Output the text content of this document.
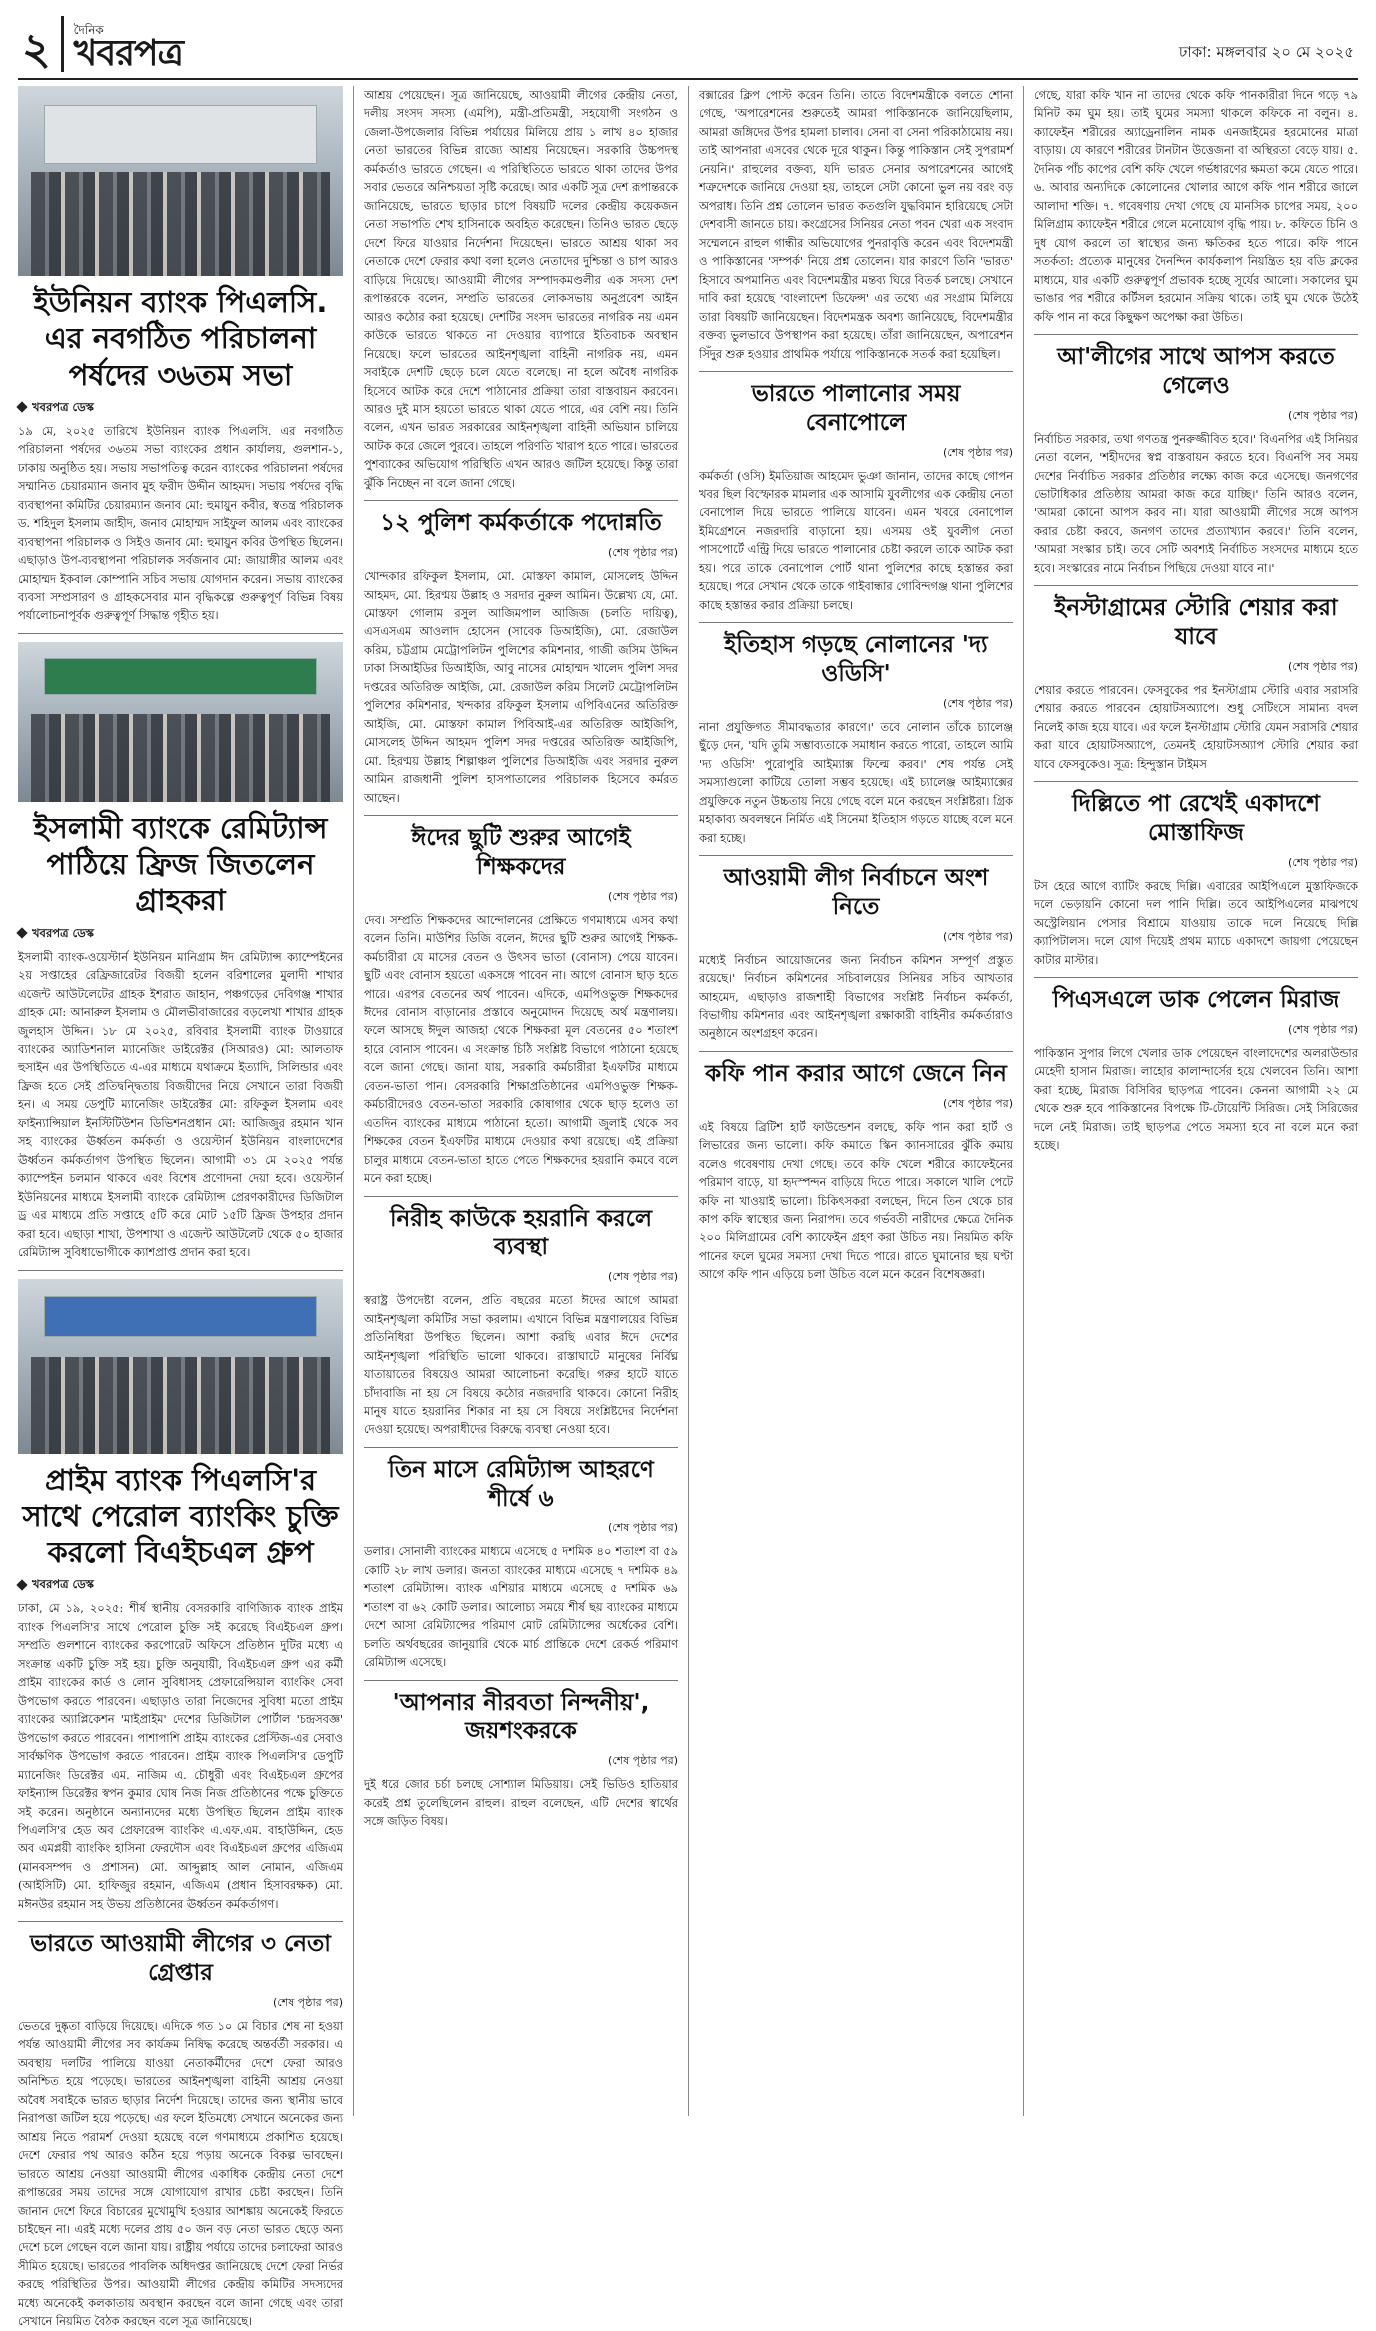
২ দৈনিক
খবরপত্র	ঢাকা: মঙ্গলবার ২০ মে ২০২৫
ইউনিয়ন ব্যাংক পিএলসি. এর নবগঠিত পরিচালনা পর্ষদের ৩৬তম সভা
খবরপত্র ডেস্ক

১৯ মে, ২০২৫ তারিখে ইউনিয়ন ব্যাংক পিএলসি. এর নবগঠিত পরিচালনা পর্ষদের ৩৬তম সভা ব্যাংকের প্রধান কার্যালয়, গুলশান-১, ঢাকায় অনুষ্ঠিত হয়। সভায় সভাপতিত্ব করেন ব্যাংকের পরিচালনা পর্ষদের সম্মানিত চেয়ারম্যান জনাব মুহ ফরীদ উদ্দীন আহমদ। সভায় পর্ষদের বৃদ্ধি ব্যবস্থাপনা কমিটির চেয়ারম্যান জনাব মো: হুমায়ুন কবীর, স্বতন্ত্র পরিচালক ড. শহিদুল ইসলাম জাহীদ, জনাব মোহাম্মদ সাইফুল আলম এবং ব্যাংকের ব্যবস্থাপনা পরিচালক ও সিইও জনাব মো: হুমায়ুন কবির উপস্থিত ছিলেন। এছাড়াও উপ-ব্যবস্থাপনা পরিচালক সর্বজনাব মো: জায়াঙ্গীর আলম এবং মোহাম্মদ ইকবাল কোম্পানি সচিব সভায় যোগদান করেন। সভায় ব্যাংকের ব্যবসা সম্প্রসারণ ও গ্রাহকসেবার মান বৃদ্ধিকল্পে গুরুত্বপূর্ণ বিভিন্ন বিষয় পর্যালোচনাপূর্বক গুরুত্বপূর্ণ সিদ্ধান্ত গৃহীত হয়।

ইসলামী ব্যাংকে রেমিট্যান্স পাঠিয়ে ফ্রিজ জিতলেন গ্রাহকরা
খবরপত্র ডেস্ক

ইসলামী ব্যাংক-ওয়েস্টার্ন ইউনিয়ন মানিগ্রাম ঈদ রেমিট্যান্স ক্যাম্পেইনের ২য় সপ্তাহের রেফ্রিজারেটর বিজয়ী হলেন বরিশালের মুলাদী শাখার এজেন্ট আউটলেটের গ্রাহক ইশরাত জাহান, পঞ্চগড়ের দেবিগঞ্জ শাখার গ্রাহক মো: আনারুল ইসলাম ও মৌলভীবাজারের বড়লেখা শাখার গ্রাহক জুলহাস উদ্দিন। ১৮ মে ২০২৫, রবিবার ইসলামী ব্যাংক টাওয়ারে ব্যাংকের অ্যাডিশনাল ম্যানেজিং ডাইরেক্টর (সিআরও) মো: আলতাফ হুসাইন এর উপস্থিতিতে এ-এর মাধ্যমে যথাক্রমে ইত্যাদি, সিলিন্ডার এবং ফ্রিজ হতে সেই প্রতিদ্বন্দ্বিতায় বিজয়ীদের নিয়ে সেখানে তারা বিজয়ী হন। এ সময় ডেপুটি ম্যানেজিং ডাইরেক্টর মো: রফিকুল ইসলাম এবং ফাইন্যান্সিয়াল ইনস্টিটিউশন ডিভিশনপ্রধান মো: আজিজুর রহমান খান সহ ব্যাংকের ঊর্ধ্বতন কর্মকর্তা ও ওয়েস্টার্ন ইউনিয়ন বাংলাদেশের ঊর্ধ্বতন কর্মকর্তাগণ উপস্থিত ছিলেন। আগামী ৩১ মে ২০২৫ পর্যন্ত ক্যাম্পেইন চলমান থাকবে এবং বিশেষ প্রণোদনা দেয়া হবে। ওয়েস্টার্ন ইউনিয়নের মাধ্যমে ইসলামী ব্যাংকে রেমিট্যান্স প্রেরণকারীদের ডিজিটাল ড্র এর মাধ্যমে প্রতি সপ্তাহে ৫টি করে মোট ১৫টি ফ্রিজ উপহার প্রদান করা হবে। এছাড়া শাখা, উপশাখা ও এজেন্ট আউটলেট থেকে ৫০ হাজার রেমিট্যান্স সুবিধাভোগীকে ক্যাশপ্রাপ্ত প্রদান করা হবে।

প্রাইম ব্যাংক পিএলসি'র সাথে পেরোল ব্যাংকিং চুক্তি করলো বিএইচএল গ্রুপ
খবরপত্র ডেস্ক

ঢাকা, মে ১৯, ২০২৫: শীর্ষ স্থানীয় বেসরকারি বাণিজ্যিক ব্যাংক প্রাইম ব্যাংক পিএলসি'র সাথে পেরোল চুক্তি সই করেছে বিএইচএল গ্রুপ। সম্প্রতি গুলশানে ব্যাংকের করপোরেট অফিসে প্রতিষ্ঠান দুটির মধ্যে এ সংক্রান্ত একটি চুক্তি সই হয়। চুক্তি অনুযায়ী, বিএইচএল গ্রুপ এর কর্মী প্রাইম ব্যাংকের কার্ড ও লোন সুবিধাসহ প্রেফারেন্সিয়াল ব্যাংকিং সেবা উপভোগ করতে পারবেন। এছাড়াও তারা নিজেদের সুবিধা মতো প্রাইম ব্যাংকের অ্যাপ্লিকেশন 'মাইপ্রাইম' দেশের ডিজিটাল পোর্টাল 'চন্দ্রসবজ্ঞ' উপভোগ করতে পারবেন। পাশাপাশি প্রাইম ব্যাংকের প্রেস্টিজ-এর সেবাও সার্বক্ষণিক উপভোগ করতে পারবেন। প্রাইম ব্যাংক পিএলসি'র ডেপুটি ম্যানেজিং ডিরেক্টর এম. নাজিম এ. চৌধুরী এবং বিএইচএল গ্রুপের ফাইন্যান্স ডিরেক্টর স্বপন কুমার ঘোষ নিজ নিজ প্রতিষ্ঠানের পক্ষে চুক্তিতে সই করেন। অনুষ্ঠানে অন্যান্যদের মধ্যে উপস্থিত ছিলেন প্রাইম ব্যাংক পিএলসি'র হেড অব প্রেফারেন্স ব্যাংকিং এ.এফ.এম. বাহাউদ্দিন, হেড অব এমপ্লয়ী ব্যাংকিং হাসিনা ফেরদৌস এবং বিএইচএল গ্রুপের এজিএম (মানবসম্পদ ও প্রশাসন) মো. আব্দুল্লাহ আল নোমান, এজিএম (আইসিটি) মো. হাফিজুর রহমান, এজিএম (প্রধান হিসাবরক্ষক) মো. মঈনউর রহমান সহ উভয় প্রতিষ্ঠানের ঊর্ধ্বতন কর্মকর্তাগণ।

ভারতে আওয়ামী লীগের ৩ নেতা গ্রেপ্তার
(শেষ পৃষ্ঠার পর)

ভেতরে দুষ্কৃতা বাড়িয়ে দিয়েছে। এদিকে গত ১০ মে বিচার শেষ না হওয়া পর্যন্ত আওয়ামী লীগের সব কার্যক্রম নিষিদ্ধ করেছে অন্তর্বর্তী সরকার। এ অবস্থায় দলটির পালিয়ে যাওয়া নেতাকর্মীদের দেশে ফেরা আরও অনিশ্চিত হয়ে পড়েছে। ভারতের আইনশৃঙ্খলা বাহিনী আশ্রয় নেওয়া অবৈধ সবাইকে ভারত ছাড়ার নির্দেশ দিয়েছে। তাদের জন্য স্থানীয় ভাবে নিরাপত্তা জটিল হয়ে পড়েছে। এর ফলে ইতিমধ্যে সেখানে অনেকের জন্য আশ্রয় নিতে পরামর্শ দেওয়া হয়েছে বলে গণমাধ্যমে প্রকাশিত হয়েছে। দেশে ফেরার পথ আরও কঠিন হয়ে পড়ায় অনেকে বিকল্প ভাবছেন। ভারতে আশ্রয় নেওয়া আওয়ামী লীগের একাধিক কেন্দ্রীয় নেতা দেশে রূপান্তরের সময় তাদের সঙ্গে যোগাযোগ রাখার চেষ্টা করছেন। তিনি জানান দেশে ফিরে বিচারের মুখোমুখি হওয়ার আশঙ্কায় অনেকেই ফিরতে চাইছেন না। এরই মধ্যে দলের প্রায় ৫০ জন বড় নেতা ভারত ছেড়ে অন্য দেশে চলে গেছেন বলে জানা যায়। রাষ্ট্রীয় পর্যায়ে তাদের চলাফেরা আরও সীমিত হয়েছে। ভারতের পাবলিক অধিদপ্তর জানিয়েছে দেশে ফেরা নির্ভর করছে পরিস্থিতির উপর। আওয়ামী লীগের কেন্দ্রীয় কমিটির সদস্যদের মধ্যে অনেকেই কলকাতায় অবস্থান করছেন বলে জানা গেছে এবং তারা সেখানে নিয়মিত বৈঠক করছেন বলে সূত্র জানিয়েছে।

আশ্রয় পেয়েছেন। সূত্র জানিয়েছে, আওয়ামী লীগের কেন্দ্রীয় নেতা, দলীয় সংসদ সদস্য (এমপি), মন্ত্রী-প্রতিমন্ত্রী, সহযোগী সংগঠন ও জেলা-উপজেলার বিভিন্ন পর্যায়ের মিলিয়ে প্রায় ১ লাখ ৪০ হাজার নেতা ভারতের বিভিন্ন রাজ্যে আশ্রয় নিয়েছেন। সরকারি উচ্চপদস্থ কর্মকর্তাও ভারতে গেছেন। এ পরিস্থিতিতে ভারতে থাকা তাদের উপর সবার ভেতরে অনিশ্চয়তা সৃষ্টি করেছে। আর একটি সূত্র দেশ রূপান্তরকে জানিয়েছে, ভারতে ছাড়ার চাপে বিষয়টি দলের কেন্দ্রীয় কয়েকজন নেতা সভাপতি শেখ হাসিনাকে অবহিত করেছেন। তিনিও ভারত ছেড়ে দেশে ফিরে যাওয়ার নির্দেশনা দিয়েছেন। ভারতে আশ্রয় থাকা সব নেতাকে দেশে ফেরার কথা বলা হলেও নেতাদের দুশ্চিন্তা ও চাপ আরও বাড়িয়ে দিয়েছে। আওয়ামী লীগের সম্পাদকমণ্ডলীর এক সদস্য দেশ রূপান্তরকে বলেন, সম্প্রতি ভারতের লোকসভায় অনুপ্রবেশ আইন আরও কঠোর করা হয়েছে। দেশটির সংসদ ভারতের নাগরিক নয় এমন কাউকে ভারতে থাকতে না দেওয়ার ব্যাপারে ইতিবাচক অবস্থান নিয়েছে। ফলে ভারতের আইনশৃঙ্খলা বাহিনী নাগরিক নয়, এমন সবাইকে দেশটি ছেড়ে চলে যেতে বলেছে। না হলে অবৈধ নাগরিক হিসেবে আটক করে দেশে পাঠানোর প্রক্রিয়া তারা বাস্তবায়ন করবেন। আরও দুই মাস হয়তো ভারতে থাকা যেতে পারে, এর বেশি নয়। তিনি বলেন, এখন ভারত সরকারের আইনশৃঙ্খলা বাহিনী অভিযান চালিয়ে আটক করে জেলে পুরবে। তাহলে পরিণতি খারাপ হতে পারে। ভারতের পুশব্যাকের অভিযোগ পরিস্থিতি এখন আরও জটিল হয়েছে। কিন্তু তারা ঝুঁকি নিচ্ছেন না বলে জানা গেছে।

১২ পুলিশ কর্মকর্তাকে পদোন্নতি
(শেষ পৃষ্ঠার পর)

খোন্দকার রফিকুল ইসলাম, মো. মোস্তফা কামাল, মোসলেহ উদ্দিন আহমদ, মো. হিরণ্ময় উল্লাহ ও সরদার নুরুল আমিন। উল্লেখ্য যে, মো. মোস্তফা গোলাম রসুল আজিমপাল আজিজ (চলতি দায়িত্ব), এসএসএম আওলাদ হোসেন (সাবেক ডিআইজি), মো. রেজাউল করিম, চট্টগ্রাম মেট্রোপলিটন পুলিশের কমিশনার, গাজী জসিম উদ্দিন ঢাকা সিআইডির ডিআইজি, আবু নাসের মোহাম্মদ খালেদ পুলিশ সদর দপ্তরের অতিরিক্ত আইজি, মো. রেজাউল করিম সিলেট মেট্রোপলিটন পুলিশের কমিশনার, খন্দকার রফিকুল ইসলাম এপিবিএনের অতিরিক্ত আইজি, মো. মোস্তফা কামাল পিবিআই-এর অতিরিক্ত আইজিপি, মোসলেহ উদ্দিন আহমদ পুলিশ সদর দপ্তরের অতিরিক্ত আইজিপি, মো. হিরণ্ময় উল্লাহ শিল্পাঞ্চল পুলিশের ডিআইজি এবং সরদার নুরুল আমিন রাজধানী পুলিশ হাসপাতালের পরিচালক হিসেবে কর্মরত আছেন।

ঈদের ছুটি শুরুর আগেই শিক্ষকদের
(শেষ পৃষ্ঠার পর)

দেব। সম্প্রতি শিক্ষকদের আন্দোলনের প্রেক্ষিতে গণমাধ্যমে এসব কথা বলেন তিনি। মাউশির ডিজি বলেন, ঈদের ছুটি শুরুর আগেই শিক্ষক-কর্মচারীরা যে মাসের বেতন ও উৎসব ভাতা (বোনাস) পেয়ে যাবেন। ছুটি এবং বোনাস হয়তো একসঙ্গে পাবেন না। আগে বোনাস ছাড় হতে পারে। এরপর বেতনের অর্থ পাবেন। এদিকে, এমপিওভুক্ত শিক্ষকদের ঈদের বোনাস বাড়ানোর প্রস্তাবে অনুমোদন দিয়েছে অর্থ মন্ত্রণালয়। ফলে আসছে ঈদুল আজহা থেকে শিক্ষকরা মূল বেতনের ৫০ শতাংশ হারে বোনাস পাবেন। এ সংক্রান্ত চিঠি সংশ্লিষ্ট বিভাগে পাঠানো হয়েছে বলে জানা গেছে। জানা যায়, সরকারি কর্মচারীরা ইএফটির মাধ্যমে বেতন-ভাতা পান। বেসরকারি শিক্ষাপ্রতিষ্ঠানের এমপিওভুক্ত শিক্ষক-কর্মচারীদেরও বেতন-ভাতা সরকারি কোষাগার থেকে ছাড় হলেও তা এতদিন ব্যাংকের মাধ্যমে পাঠানো হতো। আগামী জুলাই থেকে সব শিক্ষকের বেতন ইএফটির মাধ্যমে দেওয়ার কথা রয়েছে। এই প্রক্রিয়া চালুর মাধ্যমে বেতন-ভাতা হাতে পেতে শিক্ষকদের হয়রানি কমবে বলে মনে করা হচ্ছে।

নিরীহ কাউকে হয়রানি করলে ব্যবস্থা
(শেষ পৃষ্ঠার পর)

স্বরাষ্ট্র উপদেষ্টা বলেন, প্রতি বছরের মতো ঈদের আগে আমরা আইনশৃঙ্খলা কমিটির সভা করলাম। এখানে বিভিন্ন মন্ত্রণালয়ের বিভিন্ন প্রতিনিধিরা উপস্থিত ছিলেন। আশা করছি এবার ঈদে দেশের আইনশৃঙ্খলা পরিস্থিতি ভালো থাকবে। রাস্তাঘাটে মানুষের নির্বিঘ্ন যাতায়াতের বিষয়েও আমরা আলোচনা করেছি। গরুর হাটে যাতে চাঁদাবাজি না হয় সে বিষয়ে কঠোর নজরদারি থাকবে। কোনো নিরীহ মানুষ যাতে হয়রানির শিকার না হয় সে বিষয়ে সংশ্লিষ্টদের নির্দেশনা দেওয়া হয়েছে। অপরাধীদের বিরুদ্ধে ব্যবস্থা নেওয়া হবে।

তিন মাসে রেমিট্যান্স আহরণে শীর্ষে ৬
(শেষ পৃষ্ঠার পর)

ডলার। সোনালী ব্যাংকের মাধ্যমে এসেছে ৫ দশমিক ৪০ শতাংশ বা ৫৯ কোটি ২৮ লাখ ডলার। জনতা ব্যাংকের মাধ্যমে এসেছে ৭ দশমিক ৪৯ শতাংশ রেমিট্যান্স। ব্যাংক এশিয়ার মাধ্যমে এসেছে ৫ দশমিক ৬৯ শতাংশ বা ৬২ কোটি ডলার। আলোচ্য সময়ে শীর্ষ ছয় ব্যাংকের মাধ্যমে দেশে আসা রেমিট্যান্সের পরিমাণ মোট রেমিট্যান্সের অর্ধেকের বেশি। চলতি অর্থবছরের জানুয়ারি থেকে মার্চ প্রান্তিকে দেশে রেকর্ড পরিমাণ রেমিট্যান্স এসেছে।

'আপনার নীরবতা নিন্দনীয়', জয়শংকরকে
(শেষ পৃষ্ঠার পর)

দুই ধরে জোর চর্চা চলছে সোশ্যাল মিডিয়ায়। সেই ভিডিও হাতিয়ার করেই প্রশ্ন তুলেছিলেন রাহুল। রাহুল বলেছেন, এটি দেশের স্বার্থের সঙ্গে জড়িত বিষয়।

বক্সারের ক্লিপ পোস্ট করেন তিনি। তাতে বিদেশমন্ত্রীকে বলতে শোনা গেছে, 'অপারেশনের শুরুতেই আমরা পাকিস্তানকে জানিয়েছিলাম, আমরা জঙ্গিদের উপর হামলা চালাব। সেনা বা সেনা পরিকাঠামোয় নয়। তাই আপনারা এসবের থেকে দূরে থাকুন। কিন্তু পাকিস্তান সেই সুপরামর্শ নেয়নি।' রাহুলের বক্তব্য, যদি ভারত সেনার অপারেশনের আগেই শত্রুদেশকে জানিয়ে দেওয়া হয়, তাহলে সেটা কোনো ভুল নয় বরং বড় অপরাধ। তিনি প্রশ্ন তোলেন ভারত কতগুলি যুদ্ধবিমান হারিয়েছে সেটা দেশবাসী জানতে চায়। কংগ্রেসের সিনিয়র নেতা পবন খেরা এক সংবাদ সম্মেলনে রাহুল গান্ধীর অভিযোগের পুনরাবৃত্তি করেন এবং বিদেশমন্ত্রী ও পাকিস্তানের 'সম্পর্ক' নিয়ে প্রশ্ন তোলেন। যার কারণে তিনি 'ভারত' হিসাবে অপমানিত এবং বিদেশমন্ত্রীর মন্তব্য ঘিরে বিতর্ক চলছে। সেখানে দাবি করা হয়েছে 'বাংলাদেশ ডিফেন্স' এর তথ্যে এর সংগ্রাম মিলিয়ে তারা বিষয়টি জানিয়েছেন। বিদেশমন্ত্রক অবশ্য জানিয়েছে, বিদেশমন্ত্রীর বক্তব্য ভুলভাবে উপস্থাপন করা হয়েছে। তাঁরা জানিয়েছেন, অপারেশন সিঁদুর শুরু হওয়ার প্রাথমিক পর্যায়ে পাকিস্তানকে সতর্ক করা হয়েছিল।

ভারতে পালানোর সময় বেনাপোলে
(শেষ পৃষ্ঠার পর)

কর্মকর্তা (ওসি) ইমতিয়াজ আহমেদ ভুঞা জানান, তাদের কাছে গোপন খবর ছিল বিস্ফোরক মামলার এক আসামি যুবলীগের এক কেন্দ্রীয় নেতা বেনাপোল দিয়ে ভারতে পালিয়ে যাবেন। এমন খবরে বেনাপোল ইমিগ্রেশনে নজরদারি বাড়ানো হয়। এসময় ওই যুবলীগ নেতা পাসপোর্টে এন্ট্রি দিয়ে ভারতে পালানোর চেষ্টা করলে তাকে আটক করা হয়। পরে তাকে বেনাপোল পোর্ট থানা পুলিশের কাছে হস্তান্তর করা হয়েছে। পরে সেখান থেকে তাকে গাইবান্ধার গোবিন্দগঞ্জ থানা পুলিশের কাছে হস্তান্তর করার প্রক্রিয়া চলছে।

ইতিহাস গড়ছে নোলানের 'দ্য ওডিসি'
(শেষ পৃষ্ঠার পর)

নানা প্রযুক্তিগত সীমাবদ্ধতার কারণে।' তবে নোলান তাঁকে চ্যালেঞ্জ ছুঁড়ে দেন, 'যদি তুমি সম্ভাব্যতাকে সমাধান করতে পারো, তাহলে আমি 'দ্য ওডিসি' পুরোপুরি আইম্যাক্স ফিল্মে করব।' শেষ পর্যন্ত সেই সমস্যাগুলো কাটিয়ে তোলা সম্ভব হয়েছে। এই চ্যালেঞ্জ আইম্যাক্সের প্রযুক্তিকে নতুন উচ্চতায় নিয়ে গেছে বলে মনে করছেন সংশ্লিষ্টরা। গ্রিক মহাকাব্য অবলম্বনে নির্মিত এই সিনেমা ইতিহাস গড়তে যাচ্ছে বলে মনে করা হচ্ছে।

আওয়ামী লীগ নির্বাচনে অংশ নিতে
(শেষ পৃষ্ঠার পর)

মধ্যেই নির্বাচন আয়োজনের জন্য নির্বাচন কমিশন সম্পূর্ণ প্রস্তুত রয়েছে।' নির্বাচন কমিশনের সচিবালয়ের সিনিয়র সচিব আখতার আহমেদ, এছাড়াও রাজশাহী বিভাগের সংশ্লিষ্ট নির্বাচন কর্মকর্তা, বিভাগীয় কমিশনার এবং আইনশৃঙ্খলা রক্ষাকারী বাহিনীর কর্মকর্তারাও অনুষ্ঠানে অংশগ্রহণ করেন।

কফি পান করার আগে জেনে নিন
(শেষ পৃষ্ঠার পর)

এই বিষয়ে ব্রিটিশ হার্ট ফাউন্ডেশন বলছে, কফি পান করা হার্ট ও লিভারের জন্য ভালো। কফি কমাতে স্কিন ক্যানসারের ঝুঁকি কমায় বলেও গবেষণায় দেখা গেছে। তবে কফি খেলে শরীরে ক্যাফেইনের পরিমাণ বাড়ে, যা হৃদস্পন্দন বাড়িয়ে দিতে পারে। সকালে খালি পেটে কফি না খাওয়াই ভালো। চিকিৎসকরা বলছেন, দিনে তিন থেকে চার কাপ কফি স্বাস্থ্যের জন্য নিরাপদ। তবে গর্ভবতী নারীদের ক্ষেত্রে দৈনিক ২০০ মিলিগ্রামের বেশি ক্যাফেইন গ্রহণ করা উচিত নয়। নিয়মিত কফি পানের ফলে ঘুমের সমস্যা দেখা দিতে পারে। রাতে ঘুমানোর ছয় ঘণ্টা আগে কফি পান এড়িয়ে চলা উচিত বলে মনে করেন বিশেষজ্ঞরা।

গেছে, যারা কফি খান না তাদের থেকে কফি পানকারীরা দিনে গড়ে ৭৯ মিনিট কম ঘুম হয়। তাই ঘুমের সমস্যা থাকলে কফিকে না বলুন। ৪. ক্যাফেইন শরীরের অ্যাড্রেনালিন নামক এনজাইমের হরমোনের মাত্রা বাড়ায়। যে কারণে শরীরের টানটান উত্তেজনা বা অস্থিরতা বেড়ে যায়। ৫. দৈনিক পাঁচ কাপের বেশি কফি খেলে গর্ভধারণের ক্ষমতা কমে যেতে পারে। ৬. আবার অন্যদিকে কোলোনের খোলার আগে কফি পান শরীরে জালে আলাদা শক্তি। ৭. গবেষণায় দেখা গেছে যে মানসিক চাপের সময়, ২০০ মিলিগ্রাম ক্যাফেইন শরীরে গেলে মনোযোগ বৃদ্ধি পায়। ৮. কফিতে চিনি ও দুধ যোগ করলে তা স্বাস্থ্যের জন্য ক্ষতিকর হতে পারে। কফি পানে সতর্কতা: প্রত্যেক মানুষের দৈনন্দিন কার্যকলাপ নিয়ন্ত্রিত হয় বডি ক্লকের মাধ্যমে, যার একটি গুরুত্বপূর্ণ প্রভাবক হচ্ছে সূর্যের আলো। সকালের ঘুম ভাঙার পর শরীরে কর্টিসল হরমোন সক্রিয় থাকে। তাই ঘুম থেকে উঠেই কফি পান না করে কিছুক্ষণ অপেক্ষা করা উচিত।

আ'লীগের সাথে আপস করতে গেলেও
(শেষ পৃষ্ঠার পর)

নির্বাচিত সরকার, তথা গণতন্ত্র পুনরুজ্জীবিত হবে।' বিএনপির এই সিনিয়র নেতা বলেন, 'শহীদদের স্বপ্ন বাস্তবায়ন করতে হবে। বিএনপি সব সময় দেশের নির্বাচিত সরকার প্রতিষ্ঠার লক্ষ্যে কাজ করে এসেছে। জনগণের ভোটাধিকার প্রতিষ্ঠায় আমরা কাজ করে যাচ্ছি।' তিনি আরও বলেন, 'আমরা কোনো আপস করব না। যারা আওয়ামী লীগের সঙ্গে আপস করার চেষ্টা করবে, জনগণ তাদের প্রত্যাখ্যান করবে।' তিনি বলেন, 'আমরা সংস্কার চাই। তবে সেটি অবশ্যই নির্বাচিত সংসদের মাধ্যমে হতে হবে। সংস্কারের নামে নির্বাচন পিছিয়ে দেওয়া যাবে না।'

ইনস্টাগ্রামের স্টোরি শেয়ার করা যাবে
(শেষ পৃষ্ঠার পর)

শেয়ার করতে পারবেন। ফেসবুকের পর ইনস্টাগ্রাম স্টোরি এবার সরাসরি শেয়ার করতে পারবেন হোয়াটসঅ্যাপে। শুধু সেটিংসে সামান্য বদল নিলেই কাজ হয়ে যাবে। এর ফলে ইনস্টাগ্রাম স্টোরি যেমন সরাসরি শেয়ার করা যাবে হোয়াটসঅ্যাপে, তেমনই হোয়াটসঅ্যাপ স্টোরি শেয়ার করা যাবে ফেসবুকেও। সূত্র: হিন্দুস্তান টাইমস

দিল্লিতে পা রেখেই একাদশে মোস্তাফিজ
(শেষ পৃষ্ঠার পর)

টস হেরে আগে ব্যাটিং করছে দিল্লি। এবারের আইপিএলে মুস্তাফিজকে দলে ভেড়ায়নি কোনো দল পানি দিল্লি। তবে আইপিএলের মাঝপথে অস্ট্রেলিয়ান পেসার বিশ্রামে যাওয়ায় তাকে দলে নিয়েছে দিল্লি ক্যাপিটালস। দলে যোগ দিয়েই প্রথম ম্যাচে একাদশে জায়গা পেয়েছেন কাটার মাস্টার।

পিএসএলে ডাক পেলেন মিরাজ
(শেষ পৃষ্ঠার পর)

পাকিস্তান সুপার লিগে খেলার ডাক পেয়েছেন বাংলাদেশের অলরাউন্ডার মেহেদী হাসান মিরাজ। লাহোর কালান্দার্সের হয়ে খেলবেন তিনি। আশা করা হচ্ছে, মিরাজ বিসিবির ছাড়পত্র পাবেন। কেননা আগামী ২২ মে থেকে শুরু হবে পাকিস্তানের বিপক্ষে টি-টোয়েন্টি সিরিজ। সেই সিরিজের দলে নেই মিরাজ। তাই ছাড়পত্র পেতে সমস্যা হবে না বলে মনে করা হচ্ছে।
